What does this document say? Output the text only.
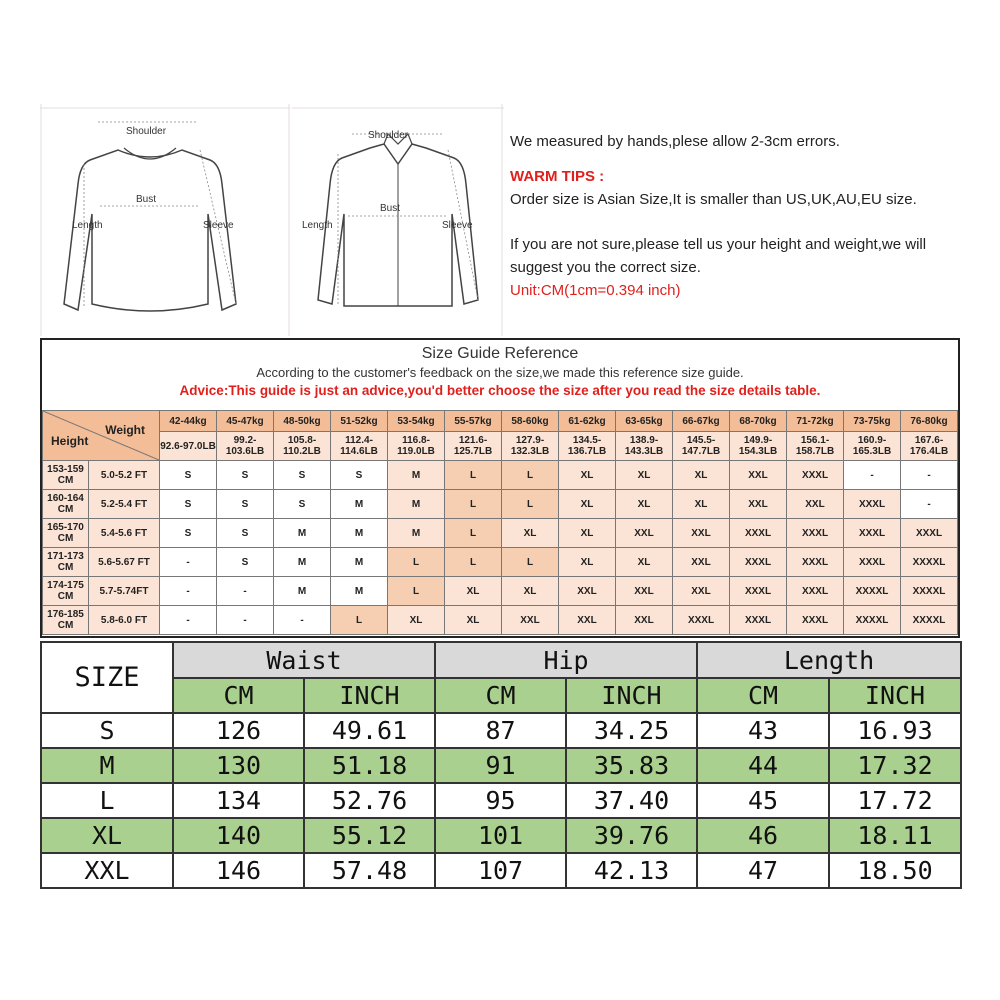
Shoulder
Bust
Length	Sleeve
Shoulder
Bust
Length	Sleeve

We measured by hands,plese allow 2-3cm errors.

WARM TIPS :

Order size is Asian Size,It is smaller than US,UK,AU,EU size.

If you are not sure,please tell us your height and weight,we will suggest you the correct size.

Unit:CM(1cm=0.394 inch)

Size Guide Reference
According to the customer's feedback on the size,we made this reference size guide.
Advice:This guide is just an advice,you'd better choose the size after you read the size details table.
Weight
Height		42-44kg	45-47kg	48-50kg	51-52kg	53-54kg	55-57kg	58-60kg	61-62kg	63-65kg	66-67kg	68-70kg	71-72kg	73-75kg	76-80kg
		92.6-97.0LB	99.2-103.6LB	105.8-110.2LB	112.4-114.6LB	116.8-119.0LB	121.6-125.7LB	127.9-132.3LB	134.5-136.7LB	138.9-143.3LB	145.5-147.7LB	149.9-154.3LB	156.1-158.7LB	160.9-165.3LB	167.6-176.4LB
153-159 CM	5.0-5.2 FT	S	S	S	S	M	L	L	XL	XL	XL	XXL	XXXL	-	-
160-164 CM	5.2-5.4 FT	S	S	S	M	M	L	L	XL	XL	XL	XXL	XXL	XXXL	-
165-170 CM	5.4-5.6 FT	S	S	M	M	M	L	XL	XL	XXL	XXL	XXXL	XXXL	XXXL	XXXL
171-173 CM	5.6-5.67 FT	-	S	M	M	L	L	L	XL	XL	XXL	XXXL	XXXL	XXXL	XXXXL
174-175 CM	5.7-5.74FT	-	-	M	M	L	XL	XL	XXL	XXL	XXL	XXXL	XXXL	XXXXL	XXXXL
176-185 CM	5.8-6.0 FT	-	-	-	L	XL	XL	XXL	XXL	XXL	XXXL	XXXL	XXXL	XXXXL	XXXXL
SIZE	Waist		Hip		Length	
	CM	INCH	CM	INCH	CM	INCH
S	126	49.61	87	34.25	43	16.93
M	130	51.18	91	35.83	44	17.32
L	134	52.76	95	37.40	45	17.72
XL	140	55.12	101	39.76	46	18.11
XXL	146	57.48	107	42.13	47	18.50
